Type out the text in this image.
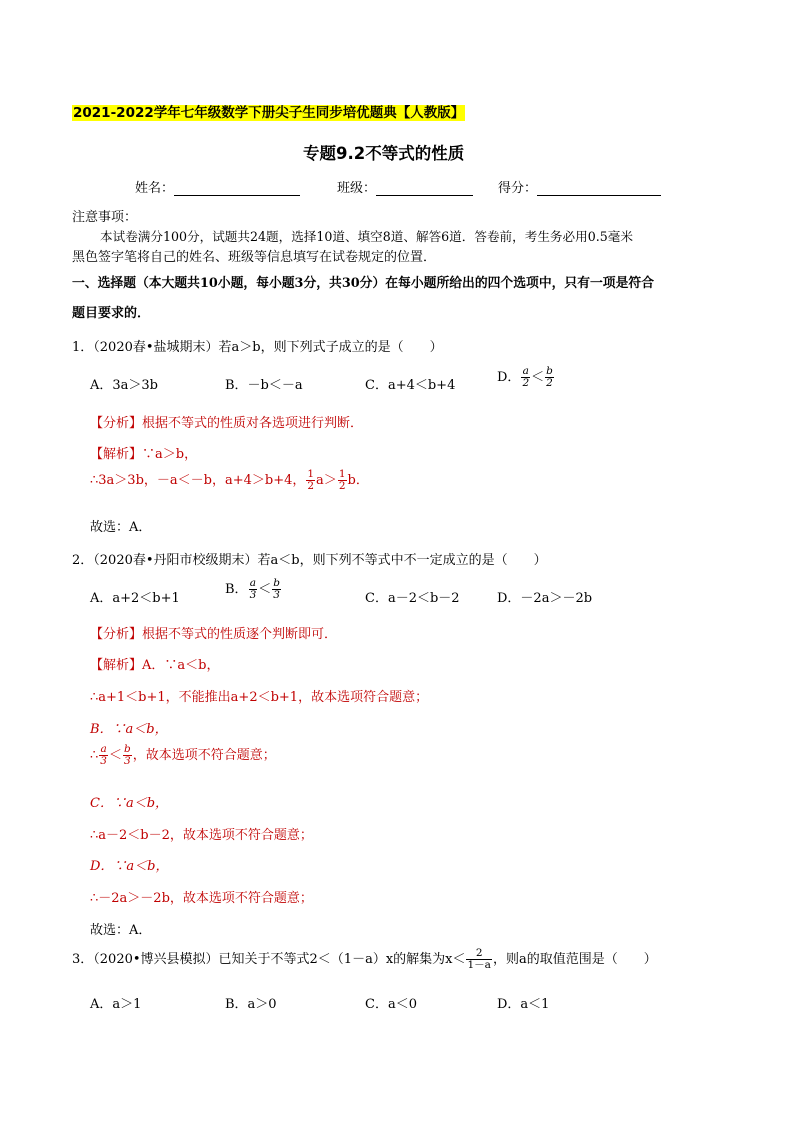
2021-2022学年七年级数学下册尖子生同步培优题典【人教版】
专题9.2不等式的性质
姓名：	班级：	得分：
注意事项：
本试卷满分100分，试题共24题，选择10道、填空8道、解答6道．答卷前，考生务必用0.5毫米
黑色签字笔将自己的姓名、班级等信息填写在试卷规定的位置．
一、选择题（本大题共10小题，每小题3分，共30分）在每小题所给出的四个选项中，只有一项是符合
题目要求的．
1．（2020春•盐城期末）若a＞b，则下列式子成立的是（　　）
A．3a＞3b	B．－b＜－a	C．a+4＜b+4
D． $\frac{a}{2} < \frac{b}{2}$
【分析】根据不等式的性质对各选项进行判断．
【解析】∵a＞b，
∴3a＞3b，－a＜－b，a+4＞b+4， $\frac{1}{2} a> \frac{1}{2}$ b．
故选：A．
2．（2020春•丹阳市校级期末）若a＜b，则下列不等式中不一定成立的是（　　）
A．a+2＜b+1
B． $\frac{a}{3} < \frac{b}{3}$	C．a－2＜b－2	D．－2a＞－2b
【分析】根据不等式的性质逐个判断即可．
【解析】A．∵a＜b，
∴a+1＜b+1，不能推出a+2＜b+1，故本选项符合题意；
B．∵a＜b，
∴ $\frac{a}{3} < \frac{b}{3}$ ，故本选项不符合题意；
C．∵a＜b，
∴a－2＜b－2，故本选项不符合题意；
D．∵a＜b，
∴－2a＞－2b，故本选项不符合题意；
故选：A．
3．（2020•博兴县模拟）已知关于不等式2＜（1－a）x的解集为$x< \frac{2}{1-a}$ ，则a的取值范围是（　　）
A．a＞1	B．a＞0	C．a＜0	D．a＜1
